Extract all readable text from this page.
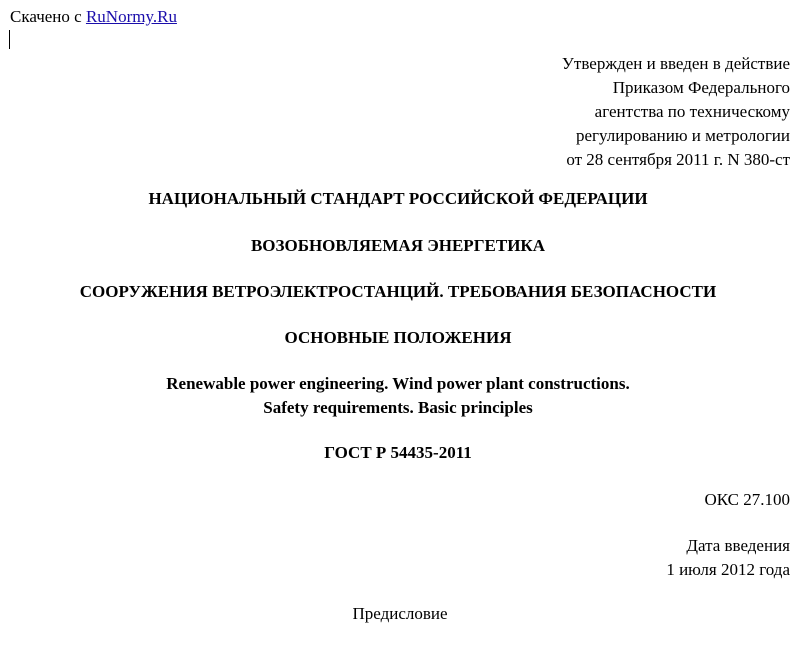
Скачено с RuNormy.Ru
Утвержден и введен в действие
Приказом Федерального
агентства по техническому
регулированию и метрологии
от 28 сентября 2011 г. N 380-ст
НАЦИОНАЛЬНЫЙ СТАНДАРТ РОССИЙСКОЙ ФЕДЕРАЦИИ
ВОЗОБНОВЛЯЕМАЯ ЭНЕРГЕТИКА
СООРУЖЕНИЯ ВЕТРОЭЛЕКТРОСТАНЦИЙ. ТРЕБОВАНИЯ БЕЗОПАСНОСТИ
ОСНОВНЫЕ ПОЛОЖЕНИЯ
Renewable power engineering. Wind power plant constructions.
Safety requirements. Basic principles
ГОСТ Р 54435-2011
ОКС 27.100
Дата введения
1 июля 2012 года
Предисловие
